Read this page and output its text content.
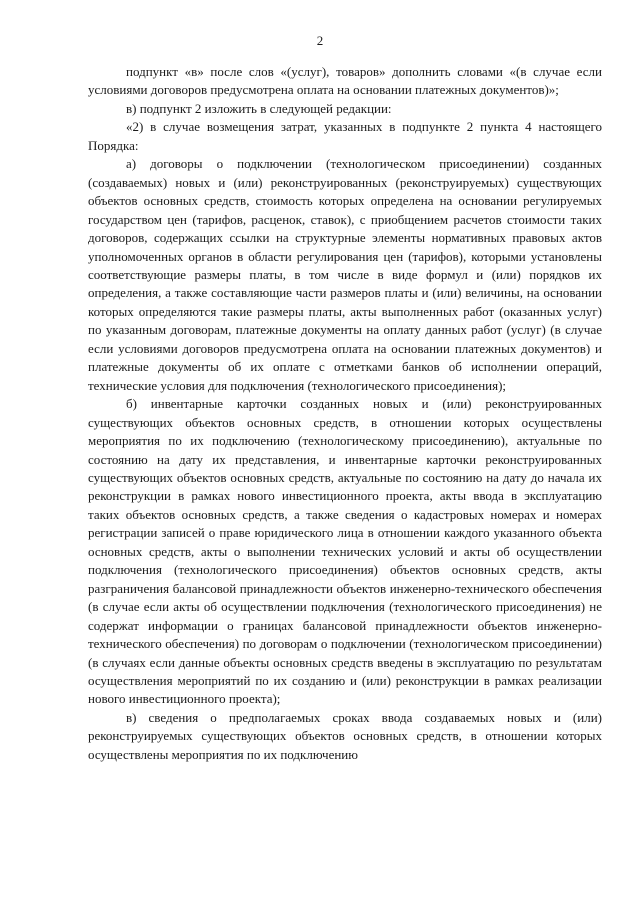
2

подпункт «в» после слов «(услуг), товаров» дополнить словами «(в случае если условиями договоров предусмотрена оплата на основании платежных документов)»;

в) подпункт 2 изложить в следующей редакции:

«2) в случае возмещения затрат, указанных в подпункте 2 пункта 4 настоящего Порядка:

а) договоры о подключении (технологическом присоединении) созданных (создаваемых) новых и (или) реконструированных (реконструируемых) существующих объектов основных средств, стоимость которых определена на основании регулируемых государством цен (тарифов, расценок, ставок), с приобщением расчетов стоимости таких договоров, содержащих ссылки на структурные элементы нормативных правовых актов уполномоченных органов в области регулирования цен (тарифов), которыми установлены соответствующие размеры платы, в том числе в виде формул и (или) порядков их определения, а также составляющие части размеров платы и (или) величины, на основании которых определяются такие размеры платы, акты выполненных работ (оказанных услуг) по указанным договорам, платежные документы на оплату данных работ (услуг) (в случае если условиями договоров предусмотрена оплата на основании платежных документов) и платежные документы об их оплате с отметками банков об исполнении операций, технические условия для подключения (технологического присоединения);

б) инвентарные карточки созданных новых и (или) реконструированных существующих объектов основных средств, в отношении которых осуществлены мероприятия по их подключению (технологическому присоединению), актуальные по состоянию на дату их представления, и инвентарные карточки реконструированных существующих объектов основных средств, актуальные по состоянию на дату до начала их реконструкции в рамках нового инвестиционного проекта, акты ввода в эксплуатацию таких объектов основных средств, а также сведения о кадастровых номерах и номерах регистрации записей о праве юридического лица в отношении каждого указанного объекта основных средств, акты о выполнении технических условий и акты об осуществлении подключения (технологического присоединения) объектов основных средств, акты разграничения балансовой принадлежности объектов инженерно-технического обеспечения (в случае если акты об осуществлении подключения (технологического присоединения) не содержат информации о границах балансовой принадлежности объектов инженерно-технического обеспечения) по договорам о подключении (технологическом присоединении) (в случаях если данные объекты основных средств введены в эксплуатацию по результатам осуществления мероприятий по их созданию и (или) реконструкции в рамках реализации нового инвестиционного проекта);

в) сведения о предполагаемых сроках ввода создаваемых новых и (или) реконструируемых существующих объектов основных средств, в отношении которых осуществлены мероприятия по их подключению
